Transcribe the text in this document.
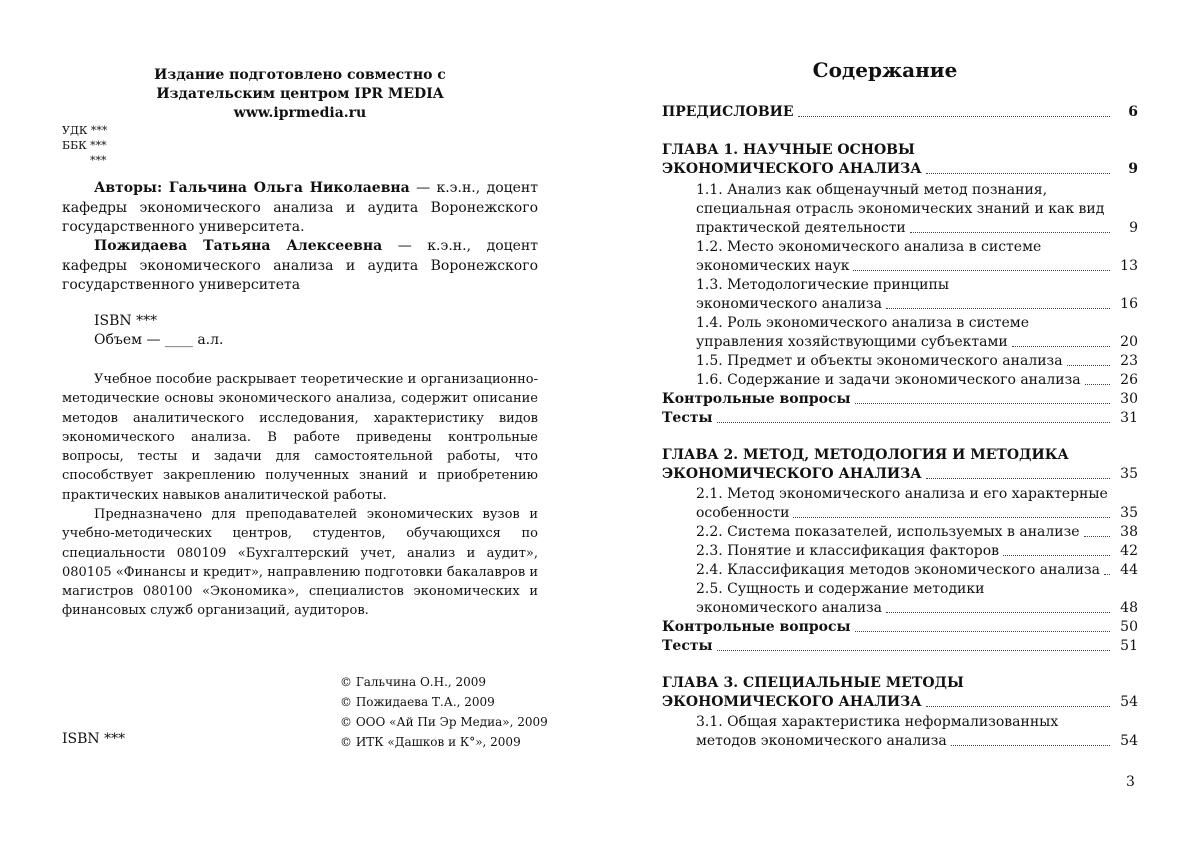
Издание подготовлено совместно с
Издательским центром IPR MEDIA
www.iprmedia.ru
УДК ***
ББК ***
***
Авторы: Гальчина Ольга Николаевна — к.э.н., доцент кафедры экономического анализа и аудита Воронежского государственного университета.
Пожидаева Татьяна Алексеевна — к.э.н., доцент кафедры экономического анализа и аудита Воронежского государственного университета
ISBN ***
Объем — ____ а.л.
Учебное пособие раскрывает теоретические и организационно-методические основы экономического анализа, содержит описание методов аналитического исследования, характеристику видов экономического анализа. В работе приведены контрольные вопросы, тесты и задачи для самостоятельной работы, что способствует закреплению полученных знаний и приобретению практических навыков аналитической работы.
Предназначено для преподавателей экономических вузов и учебно-методических центров, студентов, обучающихся по специальности 080109 «Бухгалтерский учет, анализ и аудит», 080105 «Финансы и кредит», направлению подготовки бакалавров и магистров 080100 «Экономика», специалистов экономических и финансовых служб организаций, аудиторов.
© Гальчина О.Н., 2009
© Пожидаева Т.А., 2009
© ООО «Ай Пи Эр Медиа», 2009
© ИТК «Дашков и К°», 2009
ISBN ***
Содержание
ПРЕДИСЛОВИЕ	6
ГЛАВА 1. НАУЧНЫЕ ОСНОВЫ
ЭКОНОМИЧЕСКОГО АНАЛИЗА	9
1.1. Анализ как общенаучный метод познания,
специальная отрасль экономических знаний и как вид
практической деятельности	9
1.2. Место экономического анализа в системе
экономических наук	13
1.3. Методологические принципы
экономического анализа	16
1.4. Роль экономического анализа в системе
управления хозяйствующими субъектами	20
1.5. Предмет и объекты экономического анализа	23
1.6. Содержание и задачи экономического анализа	26
Контрольные вопросы	30
Тесты	31
ГЛАВА 2. МЕТОД, МЕТОДОЛОГИЯ И МЕТОДИКА
ЭКОНОМИЧЕСКОГО АНАЛИЗА	35
2.1. Метод экономического анализа и его характерные
особенности	35
2.2. Система показателей, используемых в анализе	38
2.3. Понятие и классификация факторов	42
2.4. Классификация методов экономического анализа	44
2.5. Сущность и содержание методики
экономического анализа	48
Контрольные вопросы	50
Тесты	51
ГЛАВА 3. СПЕЦИАЛЬНЫЕ МЕТОДЫ
ЭКОНОМИЧЕСКОГО АНАЛИЗА	54
3.1. Общая характеристика неформализованных
методов экономического анализа	54
3
